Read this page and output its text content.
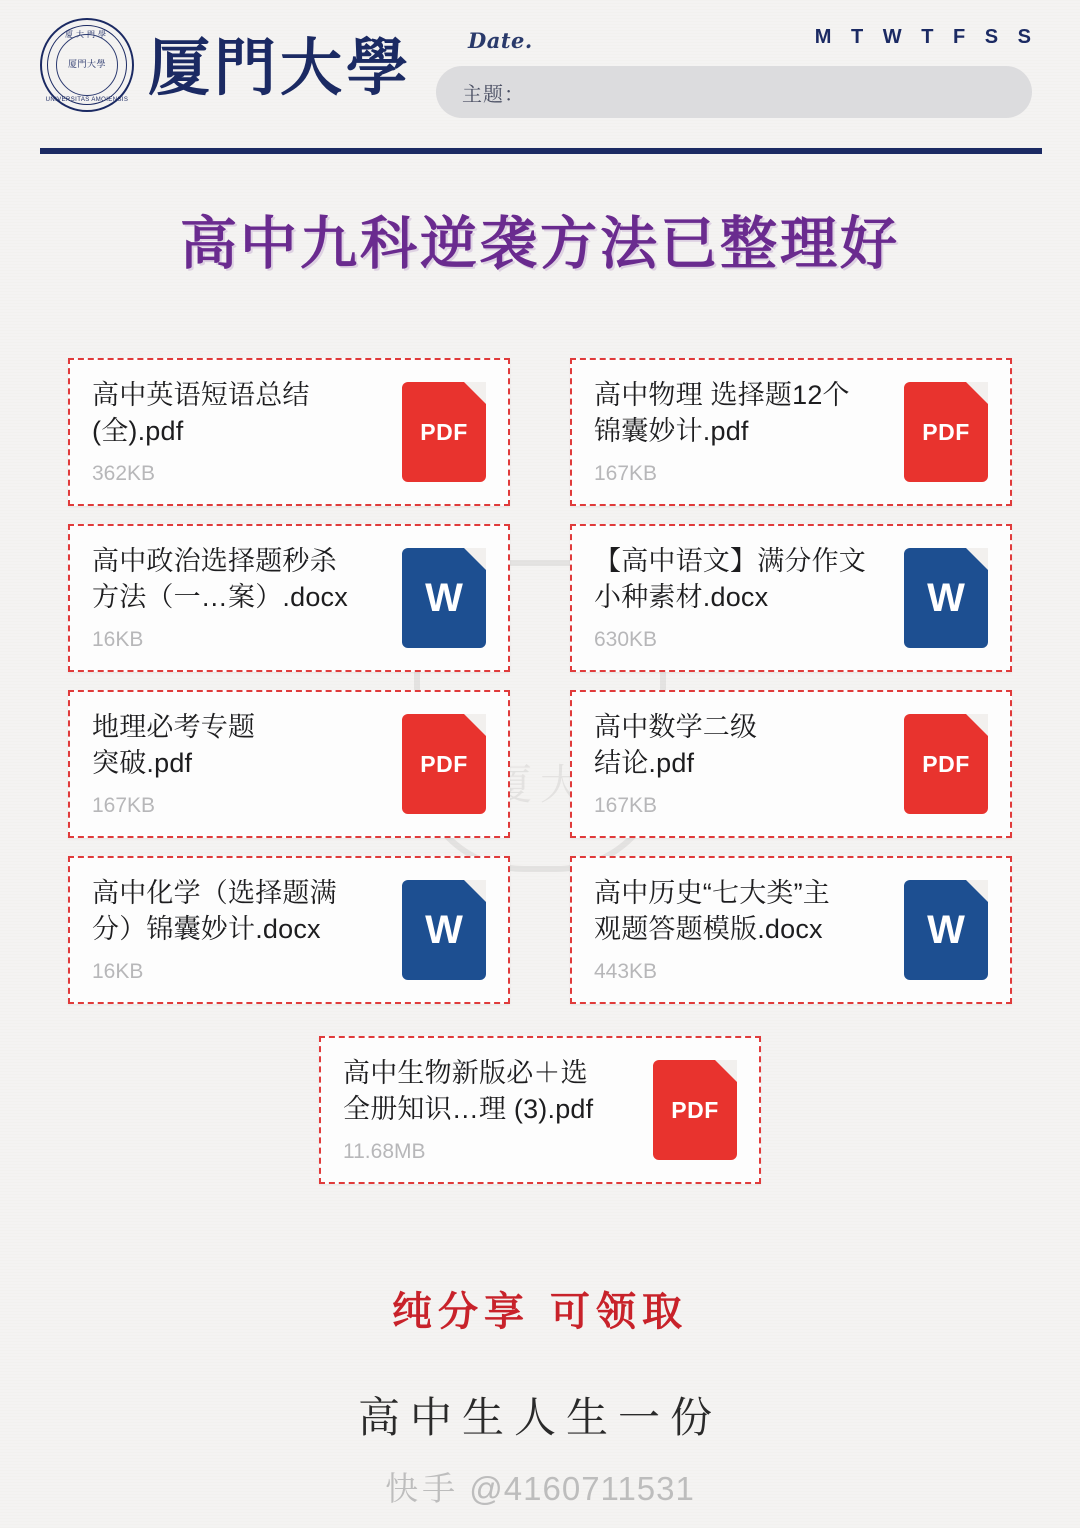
厦大門學
厦門大學
UNIVERSITAS AMOIENSIS 厦門大學	Date.	M T W T F S S
主题：
高中九科逆袭方法已整理好
高中英语短语总结
(全).pdf
362KB
PDF
高中物理 选择题12个
锦囊妙计.pdf
167KB
PDF
高中政治选择题秒杀
方法（一…案）.docx
16KB
W
【高中语文】满分作文
小种素材.docx
630KB
W
地理必考专题
突破.pdf
167KB
PDF
高中数学二级
结论.pdf
167KB
PDF
高中化学（选择题满
分）锦囊妙计.docx
16KB
W
高中历史“七大类”主
观题答题模版.docx
443KB
W
高中生物新版必＋选
全册知识…理 (3).pdf
11.68MB
PDF
纯分享 可领取
高中生人生一份
快手 @4160711531
